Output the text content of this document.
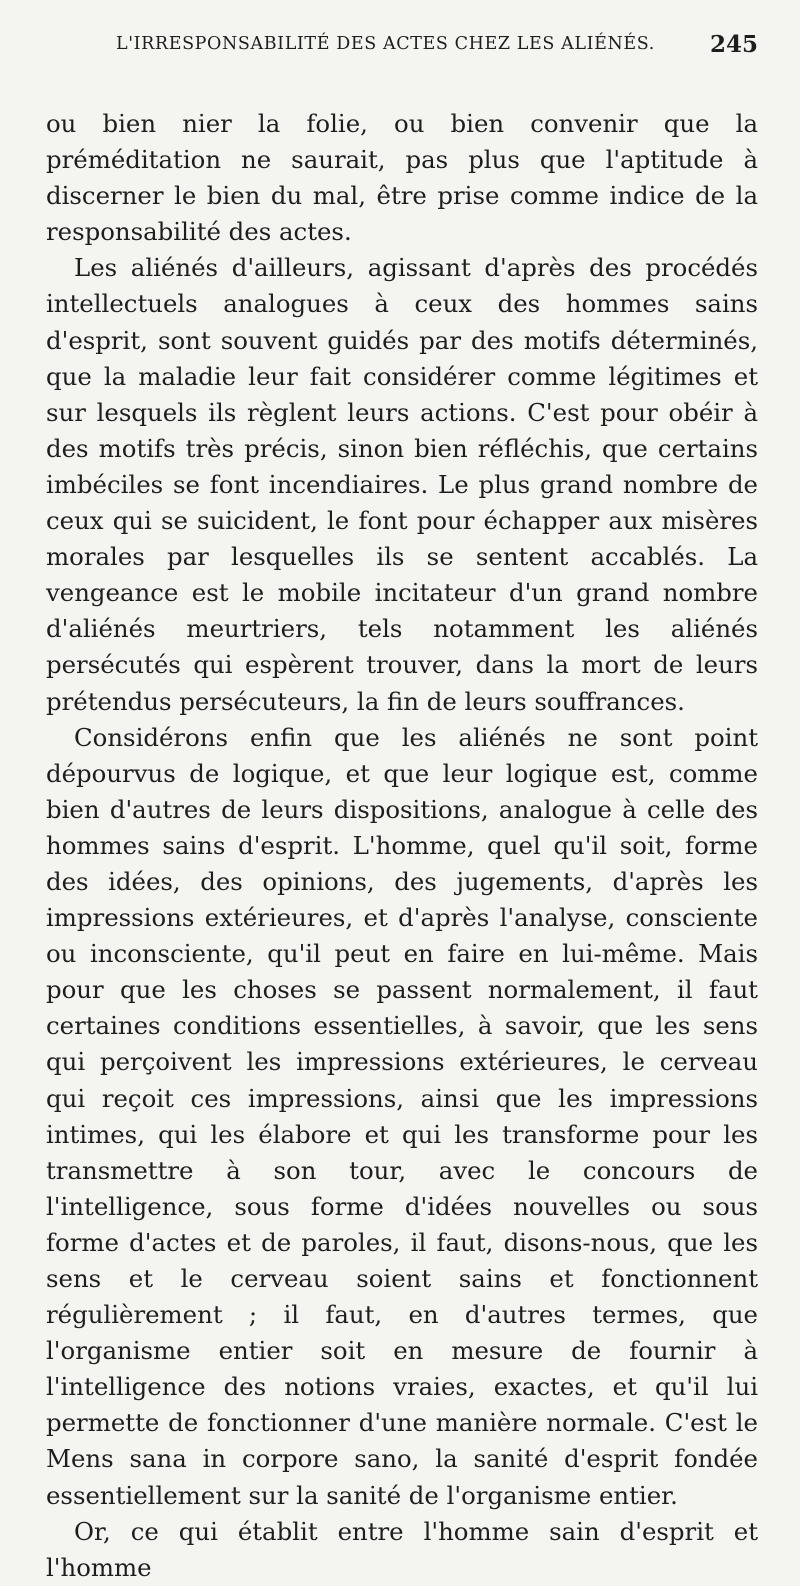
L'IRRESPONSABILITÉ DES ACTES CHEZ LES ALIÉNÉS. 245

ou bien nier la folie, ou bien convenir que la préméditation ne saurait, pas plus que l'aptitude à discerner le bien du mal, être prise comme indice de la responsabilité des actes.

Les aliénés d'ailleurs, agissant d'après des procédés intellectuels analogues à ceux des hommes sains d'esprit, sont souvent guidés par des motifs déterminés, que la maladie leur fait considérer comme légitimes et sur lesquels ils règlent leurs actions. C'est pour obéir à des motifs très précis, sinon bien réfléchis, que certains imbéciles se font incendiaires. Le plus grand nombre de ceux qui se suicident, le font pour échapper aux misères morales par lesquelles ils se sentent accablés. La vengeance est le mobile incitateur d'un grand nombre d'aliénés meurtriers, tels notamment les aliénés persécutés qui espèrent trouver, dans la mort de leurs prétendus persécuteurs, la fin de leurs souffrances.

Considérons enfin que les aliénés ne sont point dépourvus de logique, et que leur logique est, comme bien d'autres de leurs dispositions, analogue à celle des hommes sains d'esprit. L'homme, quel qu'il soit, forme des idées, des opinions, des jugements, d'après les impressions extérieures, et d'après l'analyse, consciente ou inconsciente, qu'il peut en faire en lui-même. Mais pour que les choses se passent normalement, il faut certaines conditions essentielles, à savoir, que les sens qui perçoivent les impressions extérieures, le cerveau qui reçoit ces impressions, ainsi que les impressions intimes, qui les élabore et qui les transforme pour les transmettre à son tour, avec le concours de l'intelligence, sous forme d'idées nouvelles ou sous forme d'actes et de paroles, il faut, disons-nous, que les sens et le cerveau soient sains et fonctionnent régulièrement ; il faut, en d'autres termes, que l'organisme entier soit en mesure de fournir à l'intelligence des notions vraies, exactes, et qu'il lui permette de fonctionner d'une manière normale. C'est le Mens sana in corpore sano, la sanité d'esprit fondée essentiellement sur la sanité de l'organisme entier.

Or, ce qui établit entre l'homme sain d'esprit et l'homme
